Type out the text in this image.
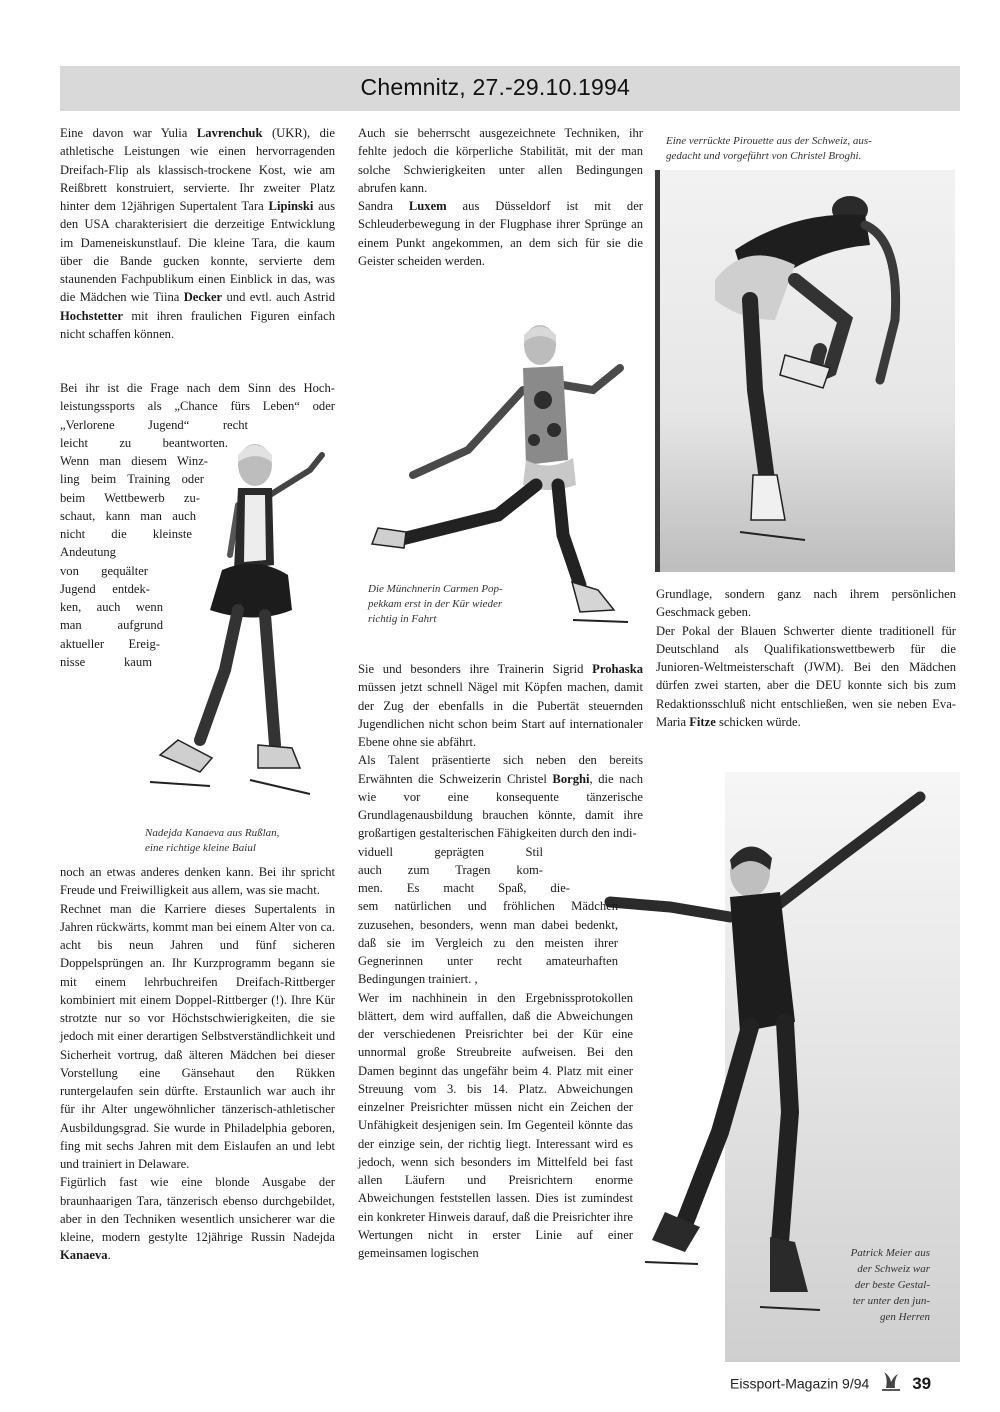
Chemnitz, 27.-29.10.1994

Eine davon war Yulia Lavrenchuk (UKR), die athletische Leistungen wie einen hervorragenden Dreifach-Flip als klassisch-trockene Kost, wie am Reißbrett konstruiert, servierte. Ihr zweiter Platz hinter dem 12jährigen Supertalent Tara Lipinski aus den USA charakterisiert die derzeitige Entwicklung im Dameneiskunstlauf. Die kleine Tara, die kaum über die Bande gucken konnte, servierte dem staunenden Fachpublikum einen Einblick in das, was die Mädchen wie Tiina Decker und evtl. auch Astrid Hochstetter mit ihren fraulichen Figuren einfach nicht schaffen können.

Bei ihr ist die Frage nach dem Sinn des Hoch-
leistungssports als „Chance fürs Leben“ oder
„Verlorene Jugend“ recht
leicht zu beantworten.
Wenn man diesem Winz-
ling beim Training oder
beim Wettbewerb zu-
schaut, kann man auch
nicht die kleinste
Andeutung
von gequälter
Jugend entdek-
ken, auch wenn
man aufgrund
aktueller Ereig-
nisse kaum
Nadejda Kanaeva aus Rußlan,
eine richtige kleine Baiul

noch an etwas anderes denken kann. Bei ihr spricht Freude und Freiwilligkeit aus allem, was sie macht.

Rechnet man die Karriere dieses Supertalents in Jahren rückwärts, kommt man bei einem Alter von ca. acht bis neun Jahren und fünf sicheren Doppelsprüngen an. Ihr Kurzprogramm begann sie mit einem lehrbuchreifen Dreifach-Rittberger kombiniert mit einem Doppel-Rittberger (!). Ihre Kür strotzte nur so vor Höchstschwierigkeiten, die sie jedoch mit einer derartigen Selbstverständlichkeit und Sicherheit vortrug, daß älteren Mädchen bei dieser Vorstellung eine Gänsehaut den Rükken runtergelaufen sein dürfte. Erstaunlich war auch ihr für ihr Alter ungewöhnlicher tänzerisch-athletischer Ausbildungsgrad. Sie wurde in Philadelphia geboren, fing mit sechs Jahren mit dem Eislaufen an und lebt und trainiert in Delaware.

Figürlich fast wie eine blonde Ausgabe der braunhaarigen Tara, tänzerisch ebenso durchgebildet, aber in den Techniken wesentlich unsicherer war die kleine, modern gestylte 12jährige Russin Nadejda Kanaeva.

Auch sie beherrscht ausgezeichnete Techniken, ihr fehlte jedoch die körperliche Stabilität, mit der man solche Schwierigkeiten unter allen Bedingungen abrufen kann.

Sandra Luxem aus Düsseldorf ist mit der Schleuderbewegung in der Flugphase ihrer Sprünge an einem Punkt angekommen, an dem sich für sie die Geister scheiden werden.

Die Münchnerin Carmen Pop-
pekkam erst in der Kür wieder
richtig in Fahrt

Sie und besonders ihre Trainerin Sigrid Prohaska müssen jetzt schnell Nägel mit Köpfen machen, damit der Zug der ebenfalls in die Pubertät steuernden Jugendlichen nicht schon beim Start auf internationaler Ebene ohne sie abfährt.

Als Talent präsentierte sich neben den bereits Erwähnten die Schweizerin Christel Borghi, die nach wie vor eine konsequente tänzerische Grundlagenausbildung brauchen könnte, damit ihre großartigen gestalterischen Fähigkeiten durch den indi-

viduell geprägten Stil
auch zum Tragen kom-
men. Es macht Spaß, die-

sem natürlichen und fröhlichen Mädchen zuzusehen, besonders, wenn man dabei bedenkt, daß sie im Vergleich zu den meisten ihrer Gegnerinnen unter recht amateurhaften Bedingungen trainiert. ,

Wer im nachhinein in den Ergebnissprotokollen blättert, dem wird auffallen, daß die Abweichungen der verschiedenen Preisrichter bei der Kür eine unnormal große Streubreite aufweisen. Bei den Damen beginnt das ungefähr beim 4. Platz mit einer Streuung vom 3. bis 14. Platz. Abweichungen einzelner Preisrichter müssen nicht ein Zeichen der Unfähigkeit desjenigen sein. Im Gegenteil könnte das der einzige sein, der richtig liegt. Interessant wird es jedoch, wenn sich besonders im Mittelfeld bei fast allen Läufern und Preisrichtern enorme Abweichungen feststellen lassen. Dies ist zumindest ein konkreter Hinweis darauf, daß die Preisrichter ihre Wertungen nicht in erster Linie auf einer gemeinsamen logischen

Eine verrückte Pirouette aus der Schweiz, aus-
gedacht und vorgeführt von Christel Broghi.

Grundlage, sondern ganz nach ihrem persönlichen Geschmack geben.

Der Pokal der Blauen Schwerter diente traditionell für Deutschland als Qualifikationswettbewerb für die Junioren-Weltmeisterschaft (JWM). Bei den Mädchen dürfen zwei starten, aber die DEU konnte sich bis zum Redaktionsschluß nicht entschließen, wen sie neben Eva-Maria Fitze schicken würde.

Patrick Meier aus
der Schweiz war
der beste Gestal-
ter unter den jun-
gen Herren
Eissport-Magazin 9/94	39
